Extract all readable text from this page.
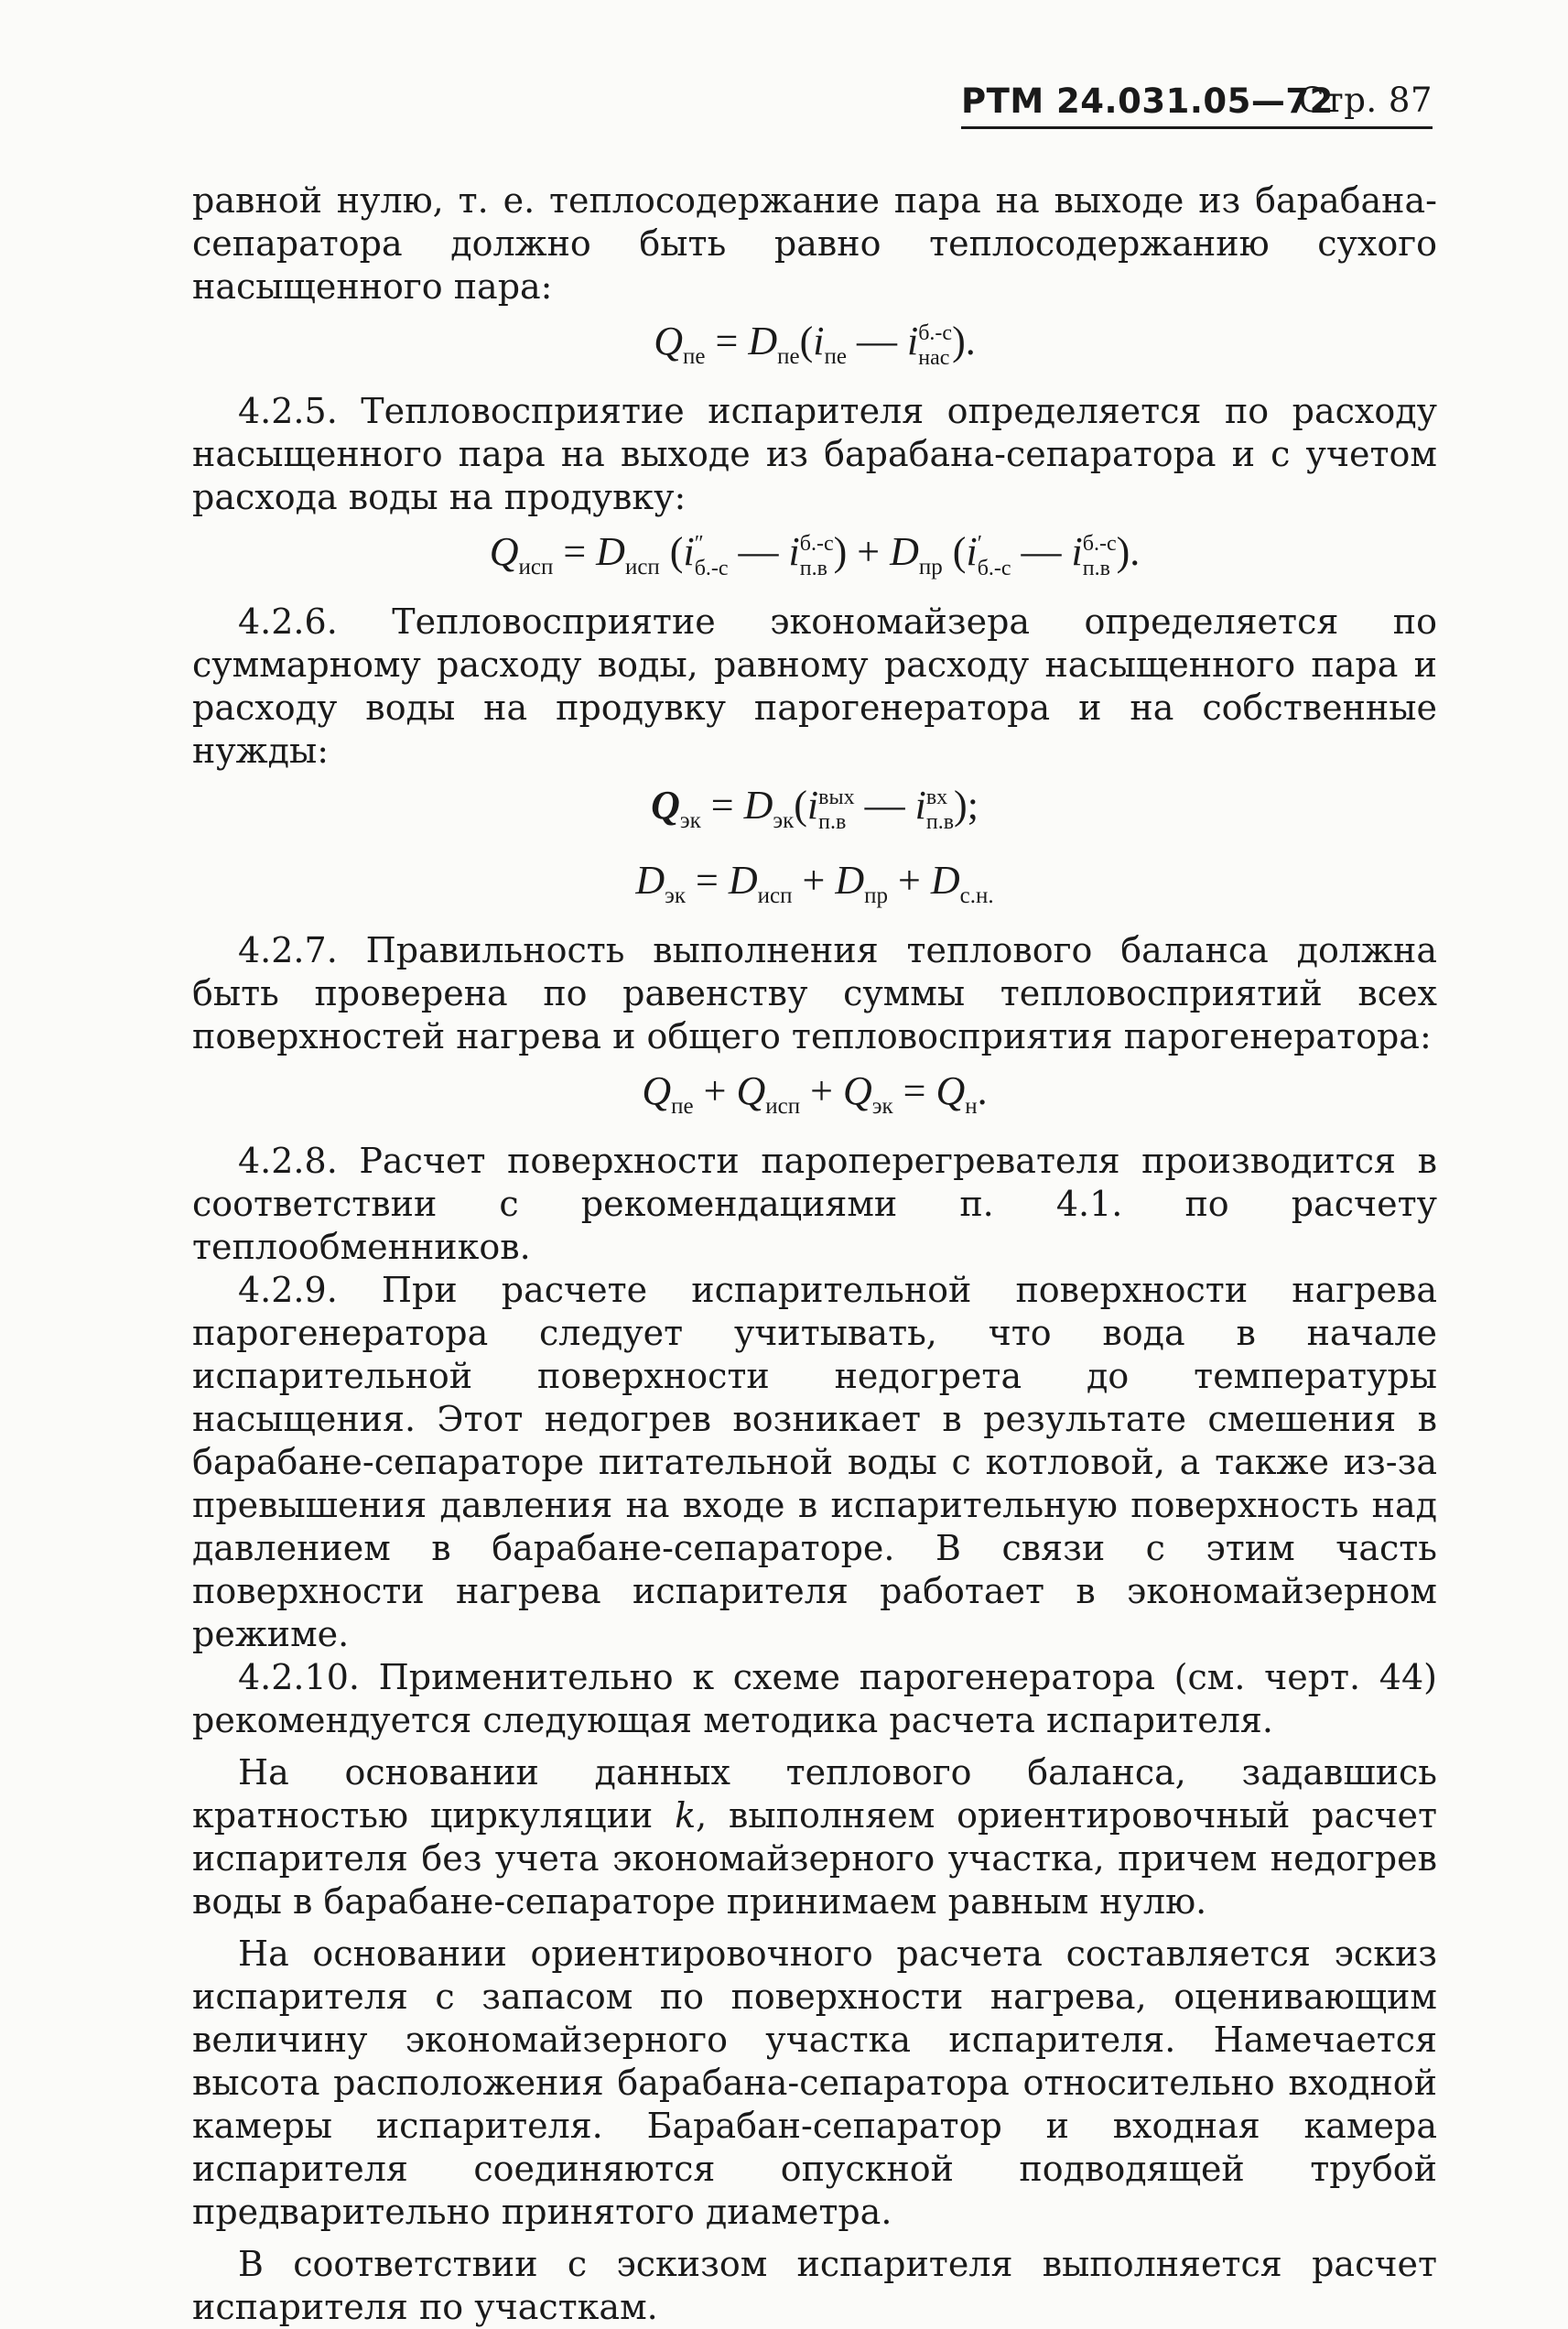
РТМ 24.031.05—72
Стр. 87

равной нулю, т. е. теплосодержание пара на выходе из барабана-сепаратора должно быть равно теплосодержанию сухого насыщенного пара:

$Q_{пе} = D_{пе}(i_{пе}$ — i б.-с
нас ).

4.2.5. Тепловосприятие испарителя определяется по расходу насыщенного пара на выходе из барабана-сепаратора и с учетом расхода воды на продувку:

$Q_{исп} = D_{исп}$ (i ″
б.-с — i б.-с
п.в ) + $D_{пр}$ (i ′
б.-с — i б.-с
п.в ).

4.2.6. Тепловосприятие экономайзера определяется по суммарному расходу воды, равному расходу насыщенного пара и расходу воды на продувку парогенератора и на собственные нужды:

$Q_{эк} = D_{эк}(i$ вых
п.в — i вх
п.в );
$D_{эк} = D_{исп} + D_{пр} + D_{с.н.}$

4.2.7. Правильность выполнения теплового баланса должна быть проверена по равенству суммы тепловосприятий всех поверхностей нагрева и общего тепловосприятия парогенератора:

$Q_{пе} + Q_{исп} + Q_{эк} = Q_н$.

4.2.8. Расчет поверхности пароперегревателя производится в соответствии с рекомендациями п. 4.1. по расчету теплообменников.

4.2.9. При расчете испарительной поверхности нагрева парогенератора следует учитывать, что вода в начале испарительной поверхности недогрета до температуры насыщения. Этот недогрев возникает в результате смешения в барабане-сепараторе питательной воды с котловой, а также из-за превышения давления на входе в испарительную поверхность над давлением в барабане-сепараторе. В связи с этим часть поверхности нагрева испарителя работает в экономайзерном режиме.

4.2.10. Применительно к схеме парогенератора (см. черт. 44) рекомендуется следующая методика расчета испарителя.

На основании данных теплового баланса, задавшись кратностью циркуляции k, выполняем ориентировочный расчет испарителя без учета экономайзерного участка, причем недогрев воды в барабане-сепараторе принимаем равным нулю.

На основании ориентировочного расчета составляется эскиз испарителя с запасом по поверхности нагрева, оценивающим величину экономайзерного участка испарителя. Намечается высота расположения барабана-сепаратора относительно входной камеры испарителя. Барабан-сепаратор и входная камера испарителя соединяются опускной подводящей трубой предварительно принятого диаметра.

В соответствии с эскизом испарителя выполняется расчет испарителя по участкам.
